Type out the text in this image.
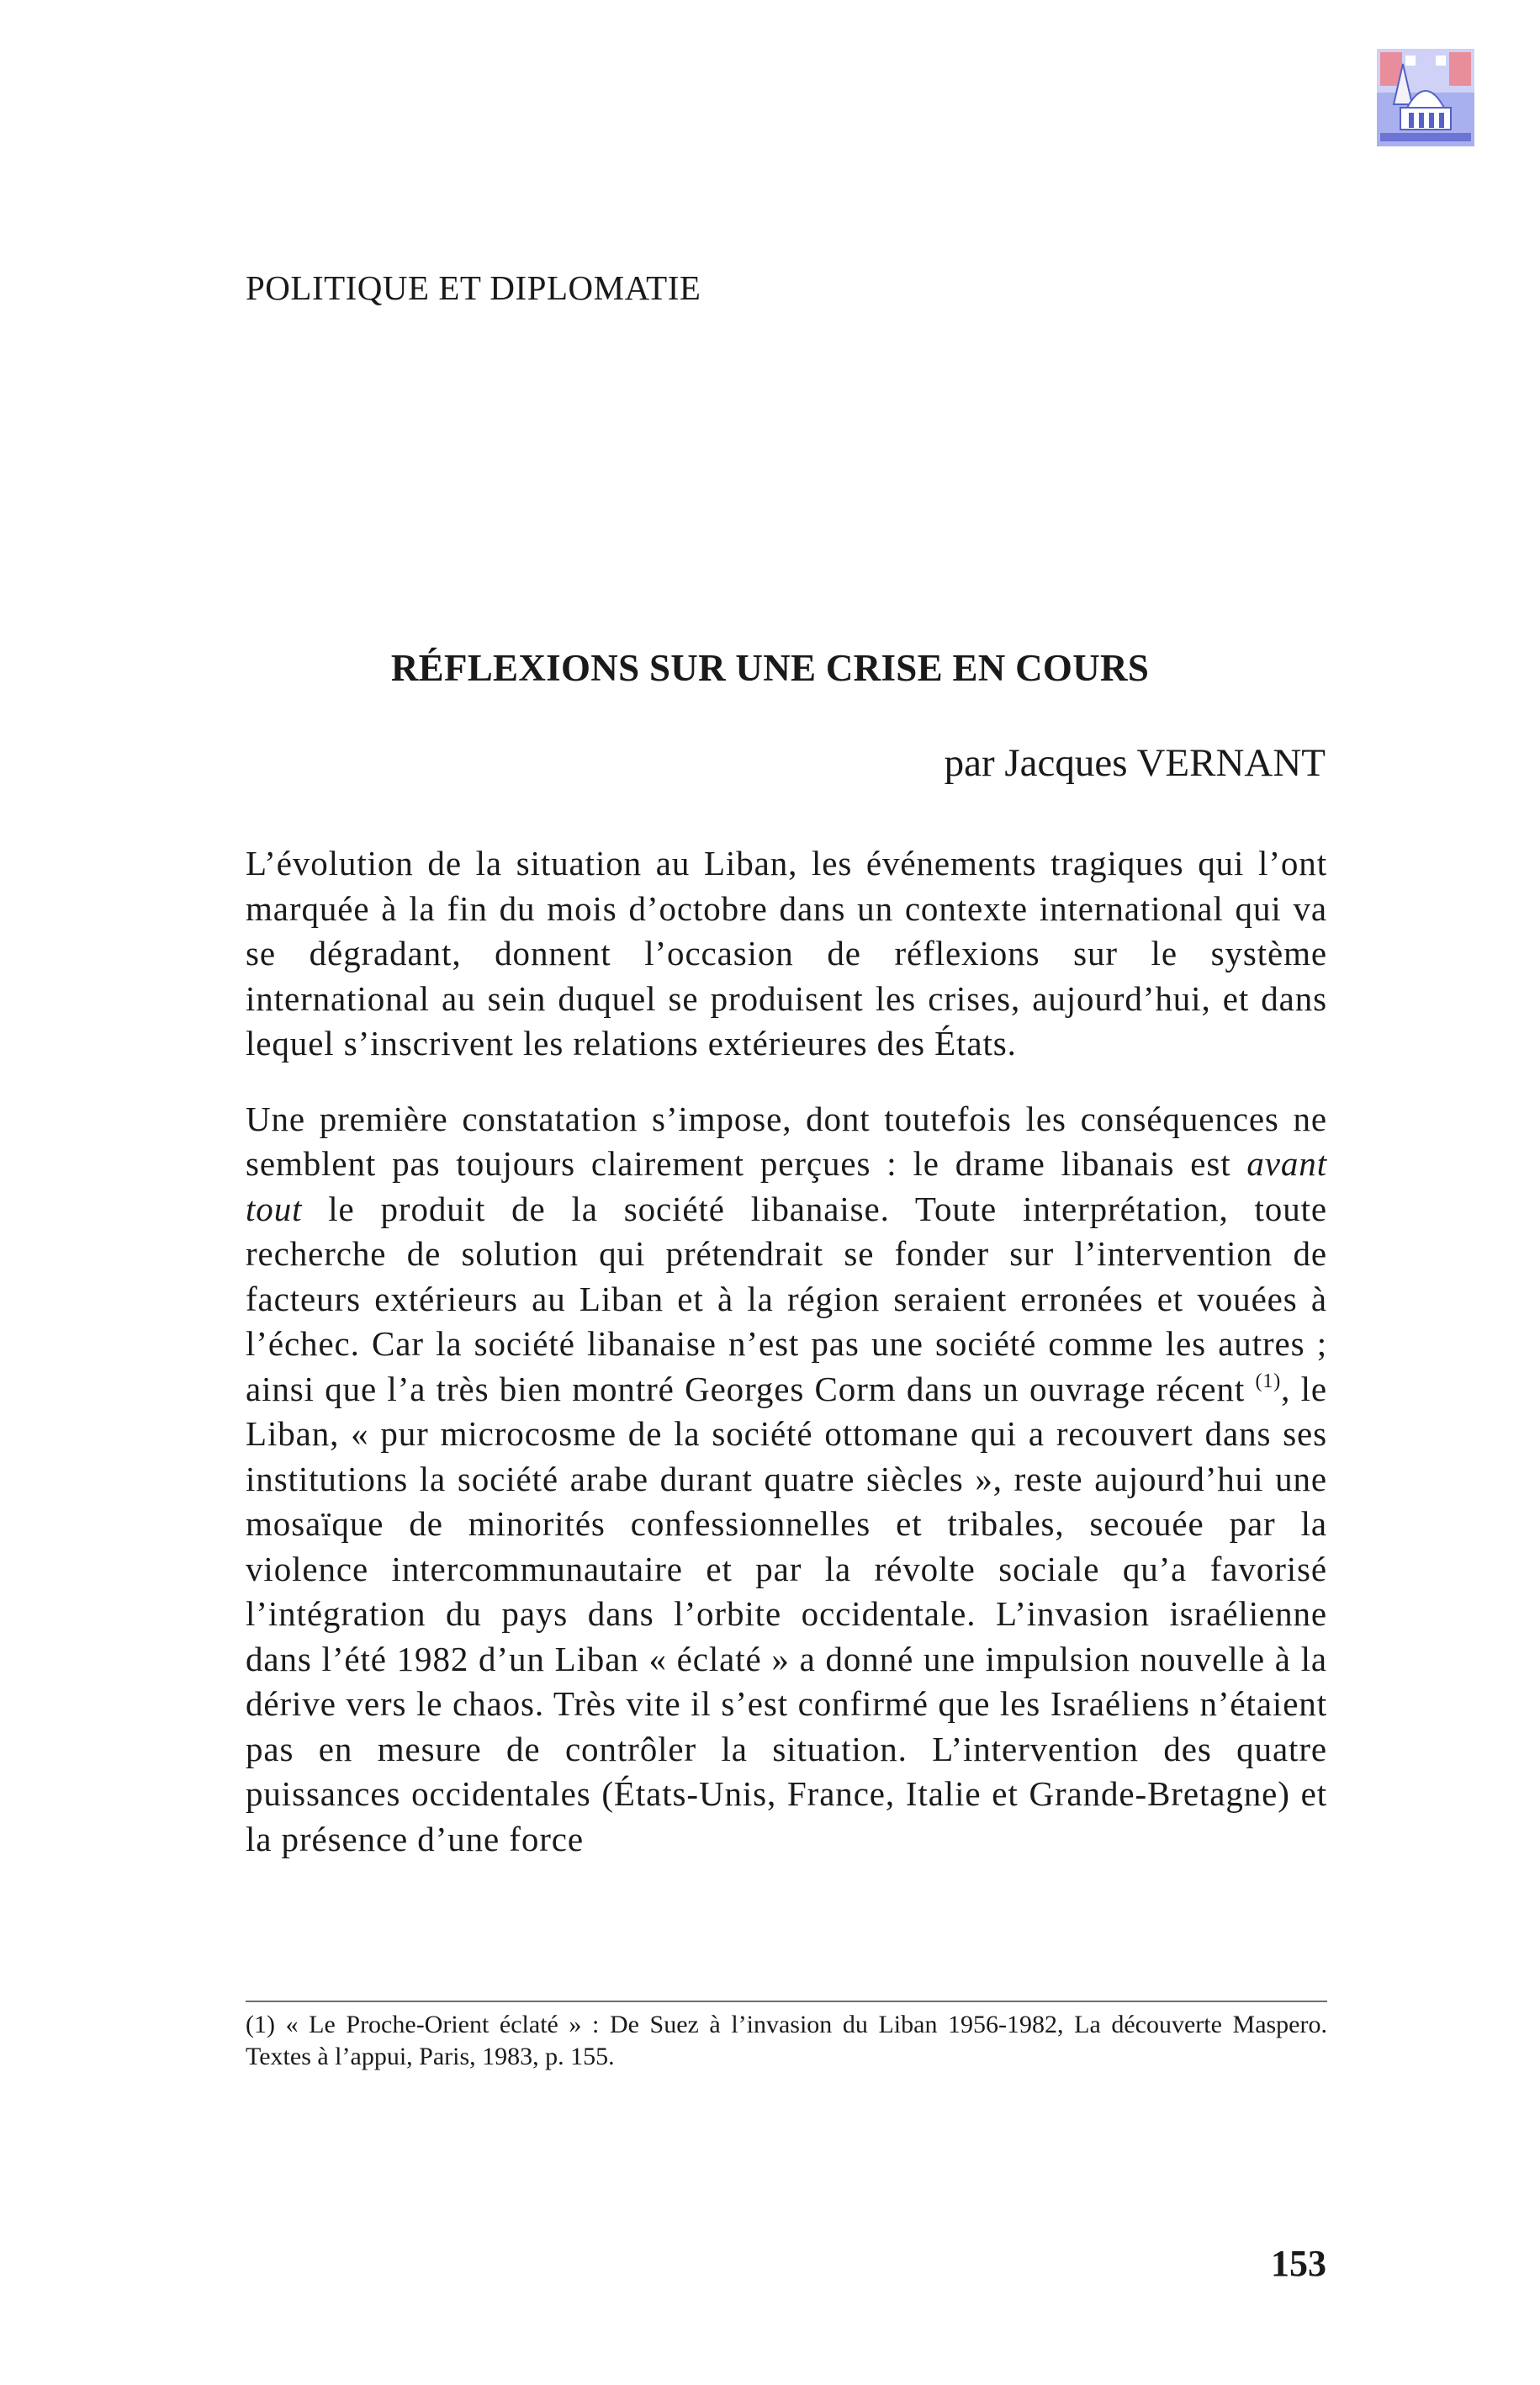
POLITIQUE ET DIPLOMATIE
RÉFLEXIONS SUR UNE CRISE EN COURS
par Jacques VERNANT

L’évolution de la situation au Liban, les événements tragiques qui l’ont marquée à la fin du mois d’octobre dans un contexte international qui va se dégradant, donnent l’occasion de réflexions sur le système international au sein duquel se produisent les crises, aujourd’hui, et dans lequel s’inscrivent les relations extérieures des États.

Une première constatation s’impose, dont toutefois les conséquences ne semblent pas toujours clairement perçues : le drame libanais est avant tout le produit de la société libanaise. Toute interprétation, toute recherche de solution qui prétendrait se fonder sur l’intervention de facteurs extérieurs au Liban et à la région seraient erronées et vouées à l’échec. Car la société libanaise n’est pas une société comme les autres ; ainsi que l’a très bien montré Georges Corm dans un ouvrage récent $^{(1)}$, le Liban, « pur microcosme de la société ottomane qui a recouvert dans ses institutions la société arabe durant quatre siècles », reste aujourd’hui une mosaïque de minorités confessionnelles et tribales, secouée par la violence intercommunautaire et par la révolte sociale qu’a favorisé l’intégration du pays dans l’orbite occidentale. L’invasion israélienne dans l’été 1982 d’un Liban « éclaté » a donné une impulsion nouvelle à la dérive vers le chaos. Très vite il s’est confirmé que les Israéliens n’étaient pas en mesure de contrôler la situation. L’intervention des quatre puissances occidentales (États-Unis, France, Italie et Grande-Bretagne) et la présence d’une force

(1) « Le Proche-Orient éclaté » : De Suez à l’invasion du Liban 1956-1982, La découverte Maspero. Textes à l’appui, Paris, 1983, p. 155.
153
